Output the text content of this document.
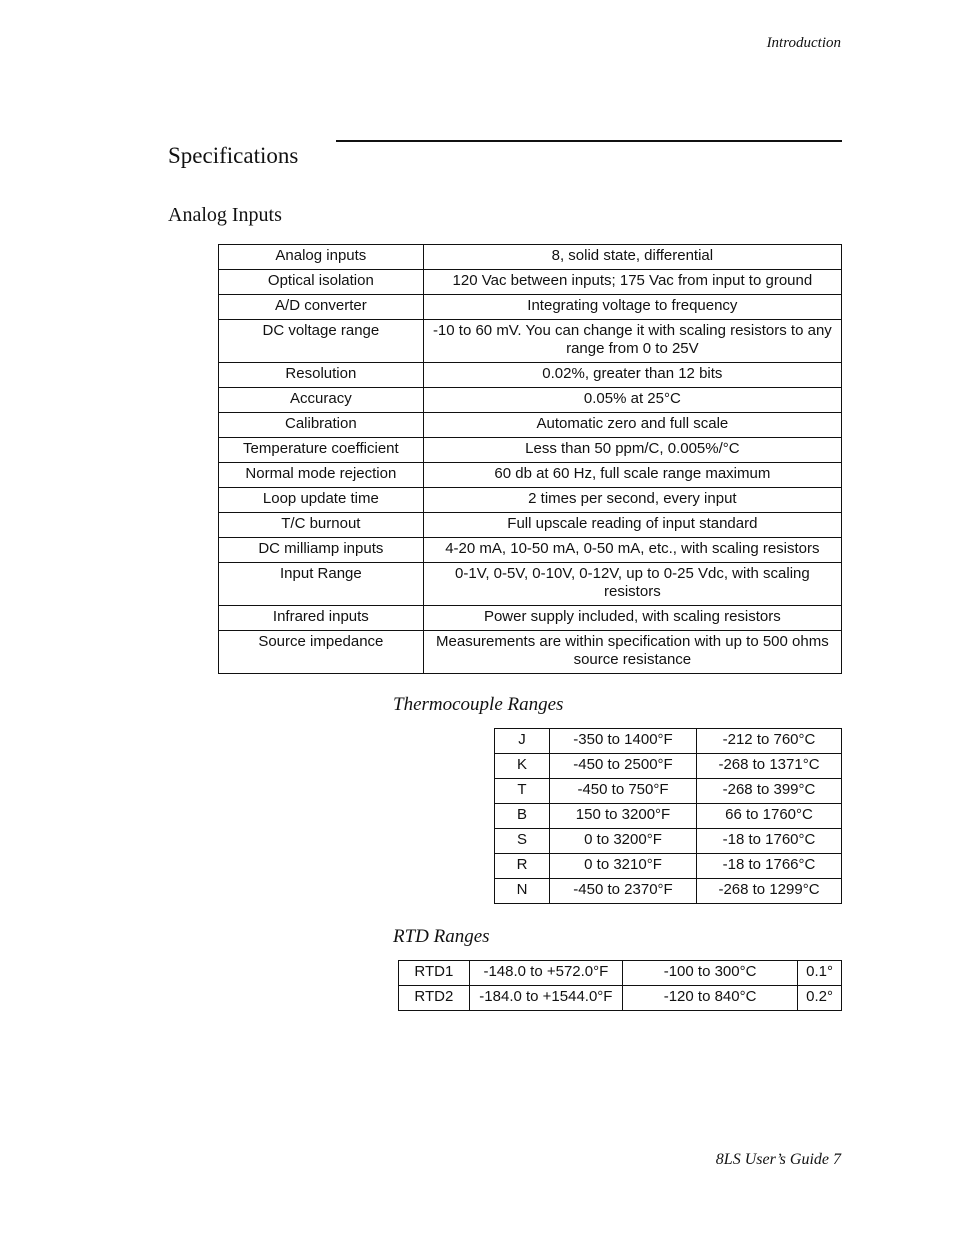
Introduction
Specifications
Analog Inputs
Analog inputs	8, solid state, differential
Optical isolation	120 Vac between inputs; 175 Vac from input to ground
A/D converter	Integrating voltage to frequency
DC voltage range	-10 to 60 mV. You can change it with scaling resistors to any range from 0 to 25V
Resolution	0.02%, greater than 12 bits
Accuracy	0.05% at 25°C
Calibration	Automatic zero and full scale
Temperature coefficient	Less than 50 ppm/C, 0.005%/°C
Normal mode rejection	60 db at 60 Hz, full scale range maximum
Loop update time	2 times per second, every input
T/C burnout	Full upscale reading of input standard
DC milliamp inputs	4-20 mA, 10-50 mA, 0-50 mA, etc., with scaling resistors
Input Range	0-1V, 0-5V, 0-10V, 0-12V, up to 0-25 Vdc, with scaling resistors
Infrared inputs	Power supply included, with scaling resistors
Source impedance	Measurements are within specification with up to 500 ohms source resistance
Thermocouple Ranges
J	-350 to 1400°F	-212 to 760°C
K	-450 to 2500°F	-268 to 1371°C
T	-450 to 750°F	-268 to 399°C
B	150 to 3200°F	66 to 1760°C
S	0 to 3200°F	-18 to 1760°C
R	0 to 3210°F	-18 to 1766°C
N	-450 to 2370°F	-268 to 1299°C
RTD Ranges
RTD1	-148.0 to +572.0°F	-100 to 300°C	0.1°
RTD2	-184.0 to +1544.0°F	-120 to 840°C	0.2°
8LS User’s Guide 7
